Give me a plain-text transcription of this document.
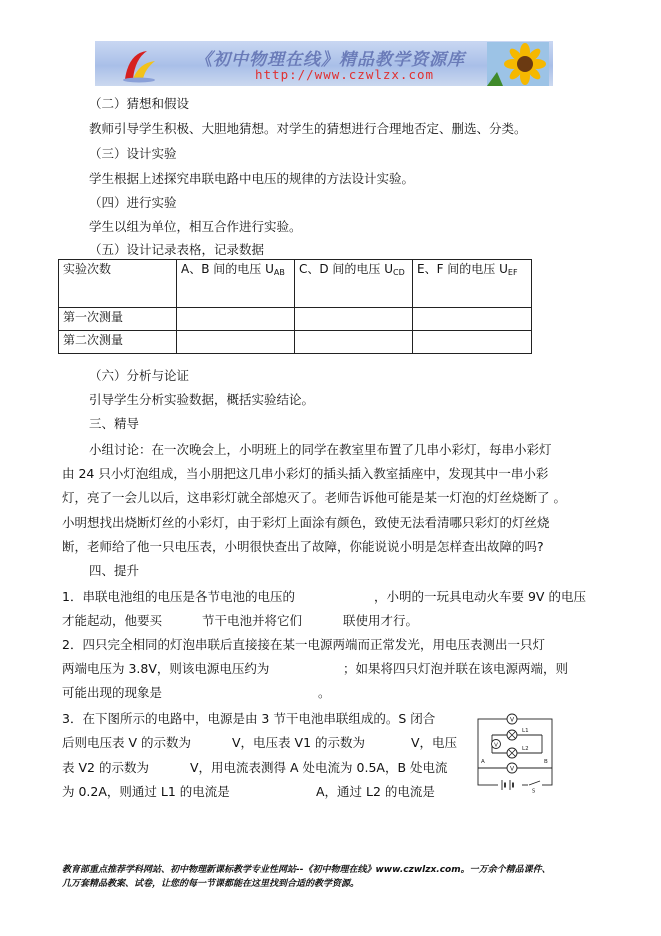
《初中物理在线》精品教学资源库
http://www.czwlzx.com
（二）猜想和假设
教师引导学生积极、大胆地猜想。对学生的猜想进行合理地否定、删选、分类。
（三）设计实验
学生根据上述探究串联电路中电压的规律的方法设计实验。
（四）进行实验
学生以组为单位，相互合作进行实验。
（五）设计记录表格，记录数据
实验次数	A、B 间的电压 $U_{AB}$	C、D 间的电压 $U_{CD}$	E、F 间的电压 $U_{EF}$
第一次测量			
第二次测量			
（六）分析与论证
引导学生分析实验数据，概括实验结论。
三、精导
小组讨论：在一次晚会上，小明班上的同学在教室里布置了几串小彩灯，每串小彩灯
由 24 只小灯泡组成，当小朋把这几串小彩灯的插头插入教室插座中，发现其中一串小彩
灯，亮了一会儿以后，这串彩灯就全部熄灭了。老师告诉他可能是某一灯泡的灯丝烧断了 。
小明想找出烧断灯丝的小彩灯，由于彩灯上面涂有颜色，致使无法看清哪只彩灯的灯丝烧
断，老师给了他一只电压表，小明很快查出了故障，你能说说小明是怎样查出故障的吗?
四、提升
1．串联电池组的电压是各节电池的电压的	，小明的一玩具电动火车要 9V 的电压
才能起动，他要买	节干电池并将它们	联使用才行。
2．四只完全相同的灯泡串联后直接接在某一电源两端而正常发光，用电压表测出一只灯
两端电压为 3.8V，则该电源电压约为	；如果将四只灯泡并联在该电源两端，则
可能出现的现象是	。
3．在下图所示的电路中，电源是由 3 节干电池串联组成的。S 闭合
后则电压表 V 的示数为	V，电压表 V1 的示数为	V，电压
表 V2 的示数为	V，用电流表测得 A 处电流为 0.5A，B 处电流
为 0.2A，则通过 L1 的电流是	A，通过 L2 的电流是
V
L1
V
L2
V
A	B
S
教育部重点推荐学科网站、初中物理新课标教学专业性网站--《初中物理在线》www.czwlzx.com。一万余个精品课件、
几万套精品教案、试卷，让您的每一节课都能在这里找到合适的教学资源。
